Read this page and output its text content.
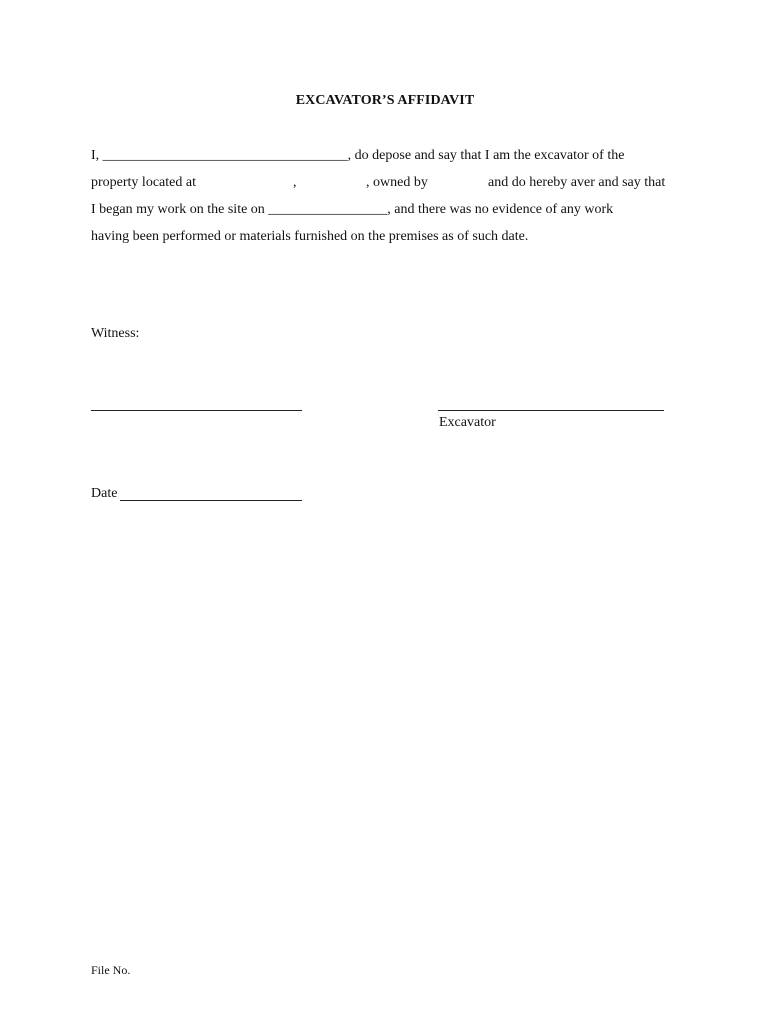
EXCAVATOR’S AFFIDAVIT
I, ___________________________________, do depose and say that I am the excavator of the
property located at	,	, owned by	and do hereby aver and say that
I began my work on the site on _________________, and there was no evidence of any work
having been performed or materials furnished on the premises as of such date.
Witness:
Excavator
Date
File No.
